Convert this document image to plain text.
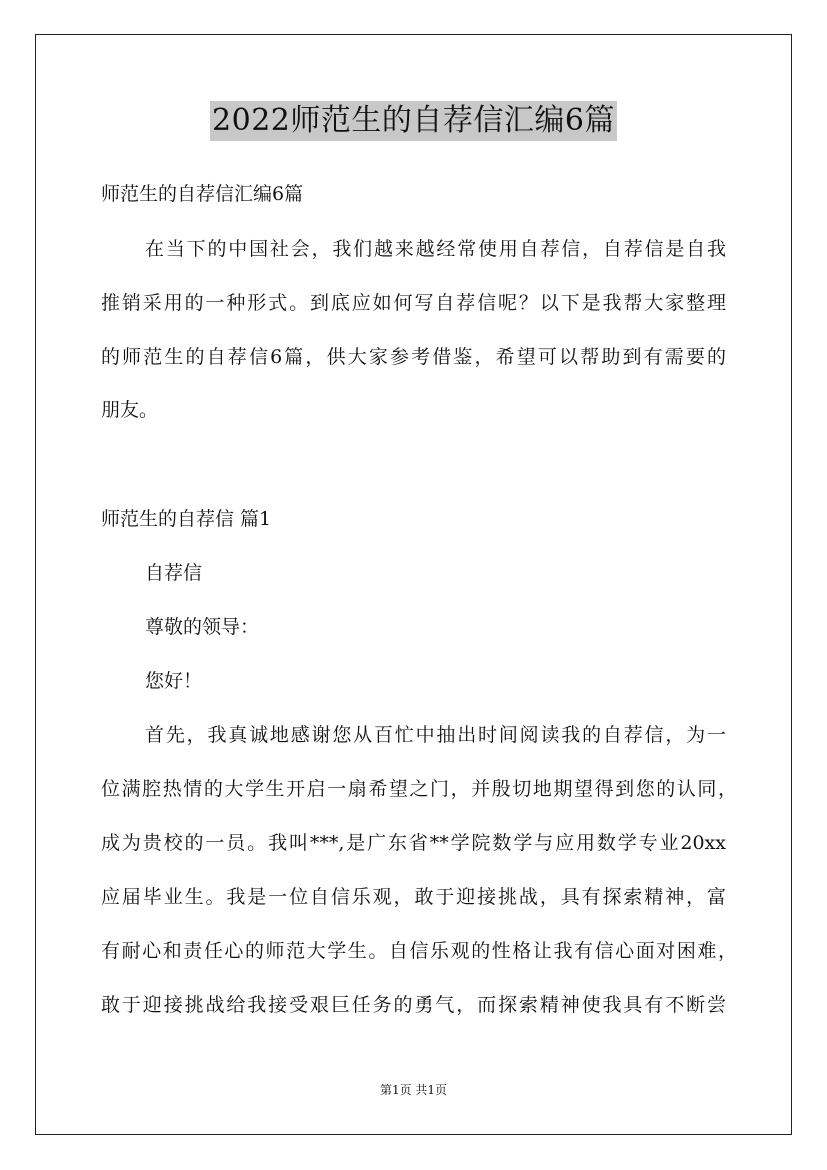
2022师范生的自荐信汇编6篇
师范生的自荐信汇编6篇
在当下的中国社会，我们越来越经常使用自荐信，自荐信是自我
推销采用的一种形式。到底应如何写自荐信呢？以下是我帮大家整理
的师范生的自荐信6篇，供大家参考借鉴，希望可以帮助到有需要的
朋友。
师范生的自荐信 篇1
自荐信
尊敬的领导：
您好！
首先，我真诚地感谢您从百忙中抽出时间阅读我的自荐信，为一
位满腔热情的大学生开启一扇希望之门，并殷切地期望得到您的认同，
成为贵校的一员。我叫***,是广东省**学院数学与应用数学专业20xx
应届毕业生。我是一位自信乐观，敢于迎接挑战，具有探索精神，富
有耐心和责任心的师范大学生。自信乐观的性格让我有信心面对困难，
敢于迎接挑战给我接受艰巨任务的勇气，而探索精神使我具有不断尝
第1页 共1页
